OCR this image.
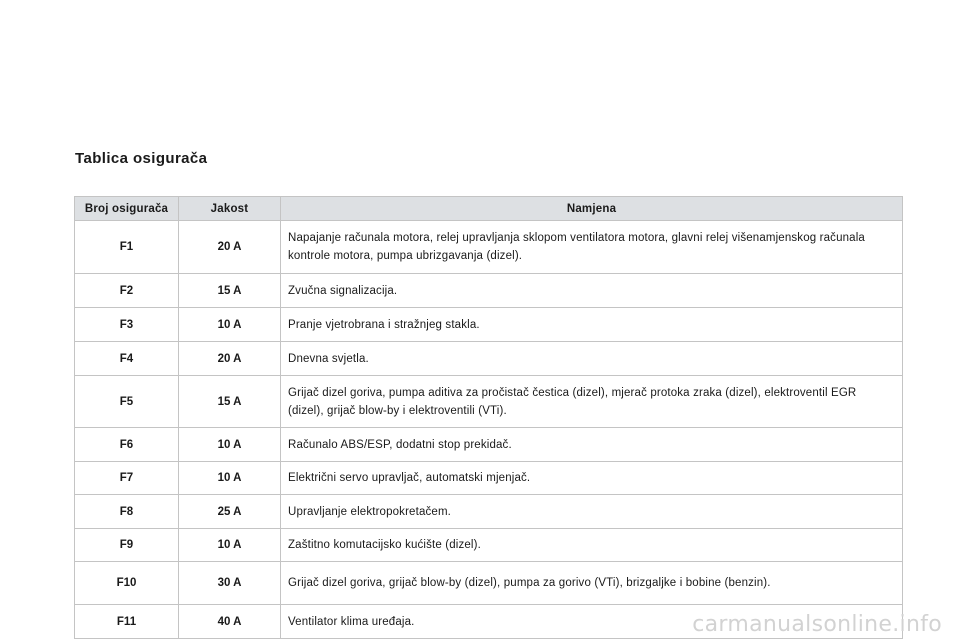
Tablica osigurača
Broj osigurača	Jakost	Namjena
F1	20 A	Napajanje računala motora, relej upravljanja sklopom ventilatora motora, glavni relej višenamjenskog računala kontrole motora, pumpa ubrizgavanja (dizel).
F2	15 A	Zvučna signalizacija.
F3	10 A	Pranje vjetrobrana i stražnjeg stakla.
F4	20 A	Dnevna svjetla.
F5	15 A	Grijač dizel goriva, pumpa aditiva za pročistač čestica (dizel), mjerač protoka zraka (dizel), elektroventil EGR (dizel), grijač blow-by i elektroventili (VTi).
F6	10 A	Računalo ABS/ESP, dodatni stop prekidač.
F7	10 A	Električni servo upravljač, automatski mjenjač.
F8	25 A	Upravljanje elektropokretačem.
F9	10 A	Zaštitno komutacijsko kućište (dizel).
F10	30 A	Grijač dizel goriva, grijač blow-by (dizel), pumpa za gorivo (VTi), brizgaljke i bobine (benzin).
F11	40 A	Ventilator klima uređaja.	carmanualsonline.info
